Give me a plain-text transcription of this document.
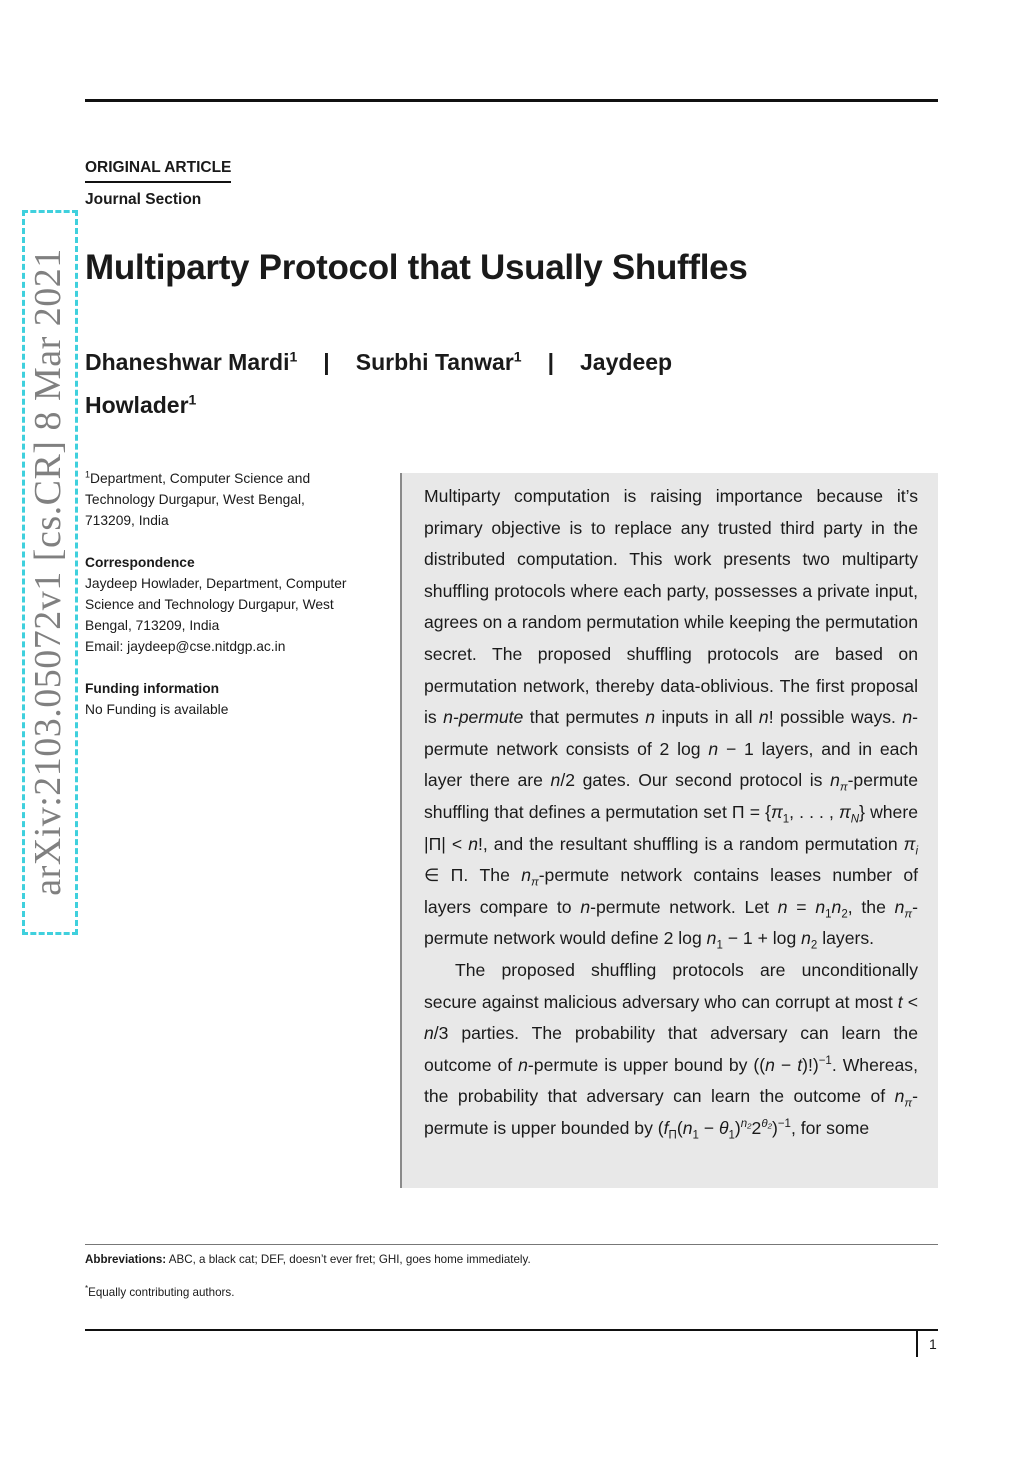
arXiv:2103.05072v1 [cs.CR] 8 Mar 2021
ORIGINAL ARTICLE
Journal Section
Multiparty Protocol that Usually Shuffles
Dhaneshwar Mardi$^1$ | Surbhi Tanwar$^1$ | Jaydeep
Howlader$^1$
$^1$Department, Computer Science and
Technology Durgapur, West Bengal,
713209, India
Correspondence
Jaydeep Howlader, Department, Computer
Science and Technology Durgapur, West
Bengal, 713209, India
Email: jaydeep@cse.nitdgp.ac.in
Funding information
No Funding is available

Multiparty computation is raising importance because it’s primary objective is to replace any trusted third party in the distributed computation. This work presents two multiparty shuffling protocols where each party, possesses a private input, agrees on a random permutation while keeping the permutation secret. The proposed shuffling protocols are based on permutation network, thereby data-oblivious. The first proposal is n-permute that permutes n inputs in all n! possible ways. n-permute network consists of 2 log n − 1 layers, and in each layer there are n/2 gates. Our second protocol is $n_\pi$-permute shuffling that defines a permutation set $\Pi = \{\pi_1$, . . . , $\pi_N$} where |Π| < n!, and the resultant shuffling is a random permutation $\pi_i$ ∈ Π. The $n_\pi$-permute network contains leases number of layers compare to n-permute network. Let $n = n_1n_2$, the $n_\pi$-permute network would define 2 $\log n_1 - 1 + \log n_2$ layers.

The proposed shuffling protocols are unconditionally secure against malicious adversary who can corrupt at most t < n/3 parties. The probability that adversary can learn the outcome of n-permute is upper bound by $((n - t)!)^{-1}$. Whereas, the probability that adversary can learn the outcome of $n_\pi$-permute is upper bounded by $(f_\Pi(n_1 - \theta_1)^{n_2}2^{\theta_2})^{-1}$, for some

Abbreviations: ABC, a black cat; DEF, doesn’t ever fret; GHI, goes home immediately.
*Equally contributing authors.
1
